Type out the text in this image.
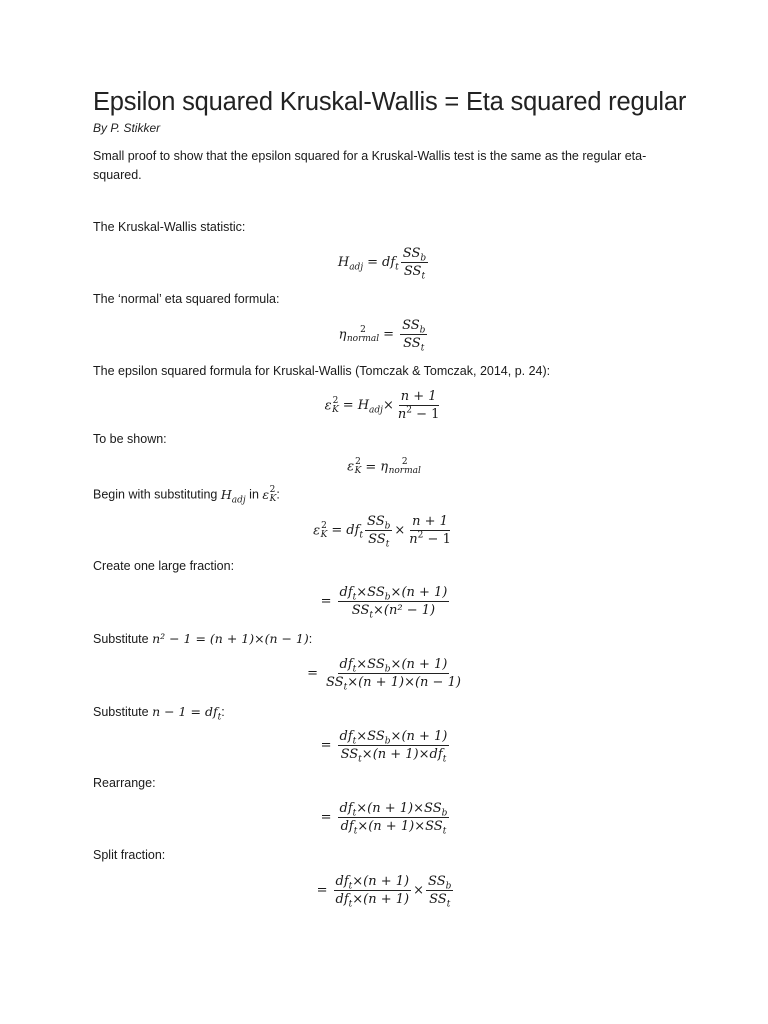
Epsilon squared Kruskal-Wallis = Eta squared regular
By P. Stikker
Small proof to show that the epsilon squared for a Kruskal-Wallis test is the same as the regular eta-squared.
The Kruskal-Wallis statistic:
$H_{adj} = df_t \frac{SS_b}{SS_t}$
The ‘normal’ eta squared formula:
η	2
normal = $\frac{SS_b}{SS_t}$
The epsilon squared formula for Kruskal-Wallis (Tomczak & Tomczak, 2014, p. 24):
ε 2
$K = H_{adj} \times \frac{n + 1}{n^2 - 1}$
To be shown:
ε 2
K = η	2
normal
Begin with substituting $H_{adj}$ in ε 2
K :
ε 2
$K = df_t \frac{SS_b}{SS_t} \times \frac{n + 1}{n^2 - 1}$
Create one large fraction:
= $\frac{df_t\times SS_b\times(n + 1)}{SS_t\times(n^2 - 1)}$
Substitute n² − 1 = (n + 1)×(n − 1):
= $\frac{df_t\times SS_b\times(n + 1)}{SS_t\times(n + 1)\times(n - 1)}$
Substitute $n - 1 = df_t$:
= $\frac{df_t\times SS_b\times(n + 1)}{SS_t\times(n + 1)\times df_t}$
Rearrange:
= $\frac{df_t\times(n + 1)\times SS_b}{df_t\times(n + 1)\times SS_t}$
Split fraction:
= $\frac{df_t\times(n + 1)}{df_t\times(n + 1)} \times \frac{SS_b}{SS_t}$
